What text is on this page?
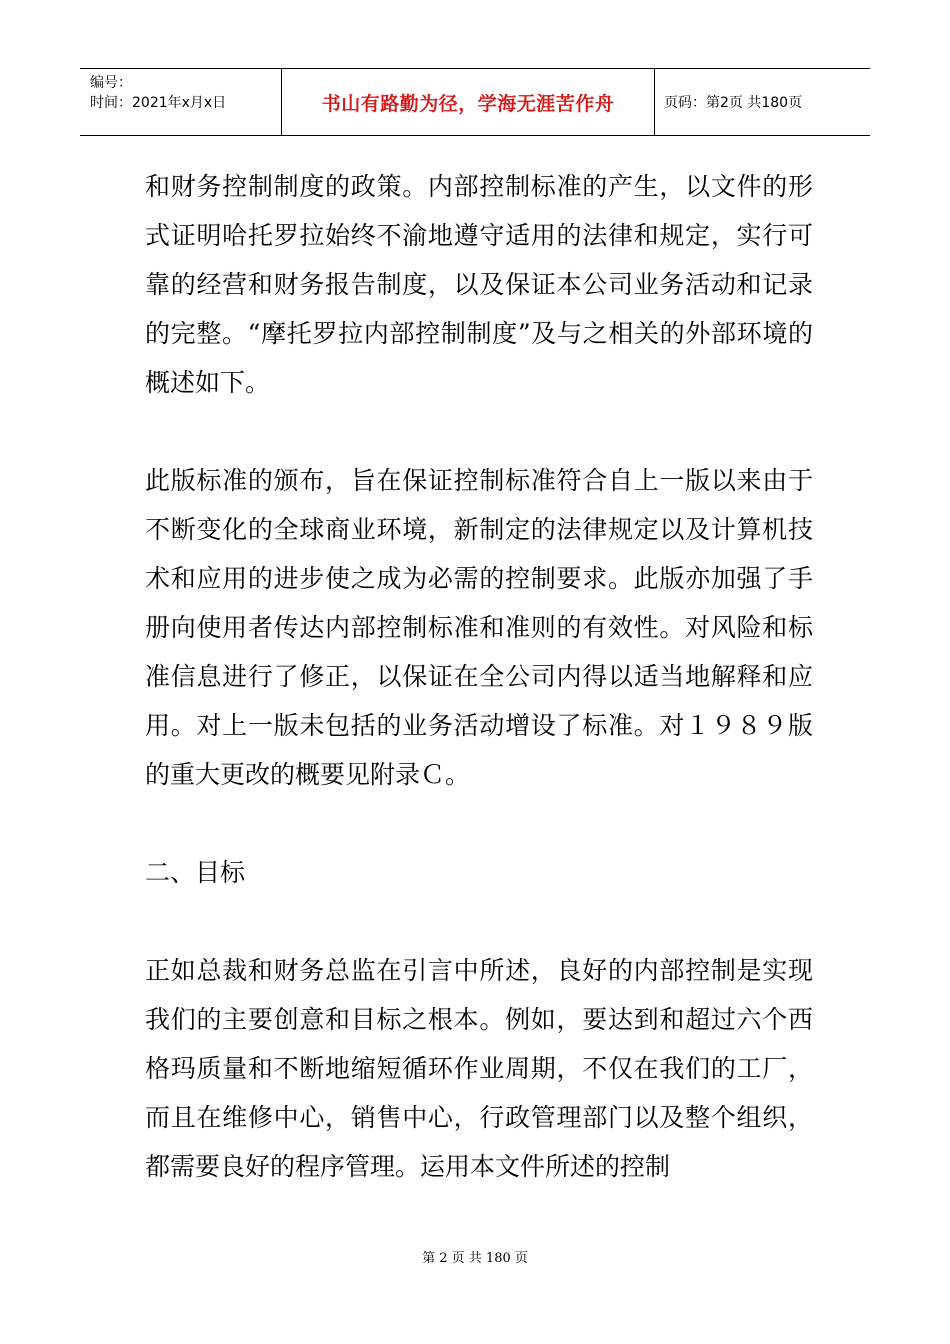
编号：
时间：2021年x月x日	书山有路勤为径，学海无涯苦作舟	页码：第2页 共180页

和财务控制制度的政策。内部控制标准的产生，以文件的形式证明哈托罗拉始终不渝地遵守适用的法律和规定，实行可靠的经营和财务报告制度，以及保证本公司业务活动和记录的完整。“摩托罗拉内部控制制度”及与之相关的外部环境的概述如下。

此版标准的颁布，旨在保证控制标准符合自上一版以来由于不断变化的全球商业环境，新制定的法律规定以及计算机技术和应用的进步使之成为必需的控制要求。此版亦加强了手册向使用者传达内部控制标准和准则的有效性。对风险和标准信息进行了修正，以保证在全公司内得以适当地解释和应用。对上一版未包括的业务活动增设了标准。对１９８９版的重大更改的概要见附录Ｃ。

二、目标

正如总裁和财务总监在引言中所述，良好的内部控制是实现我们的主要创意和目标之根本。例如，要达到和超过六个西格玛质量和不断地缩短循环作业周期，不仅在我们的工厂，而且在维修中心，销售中心，行政管理部门以及整个组织，都需要良好的程序管理。运用本文件所述的控制

第 2 页 共 180 页
